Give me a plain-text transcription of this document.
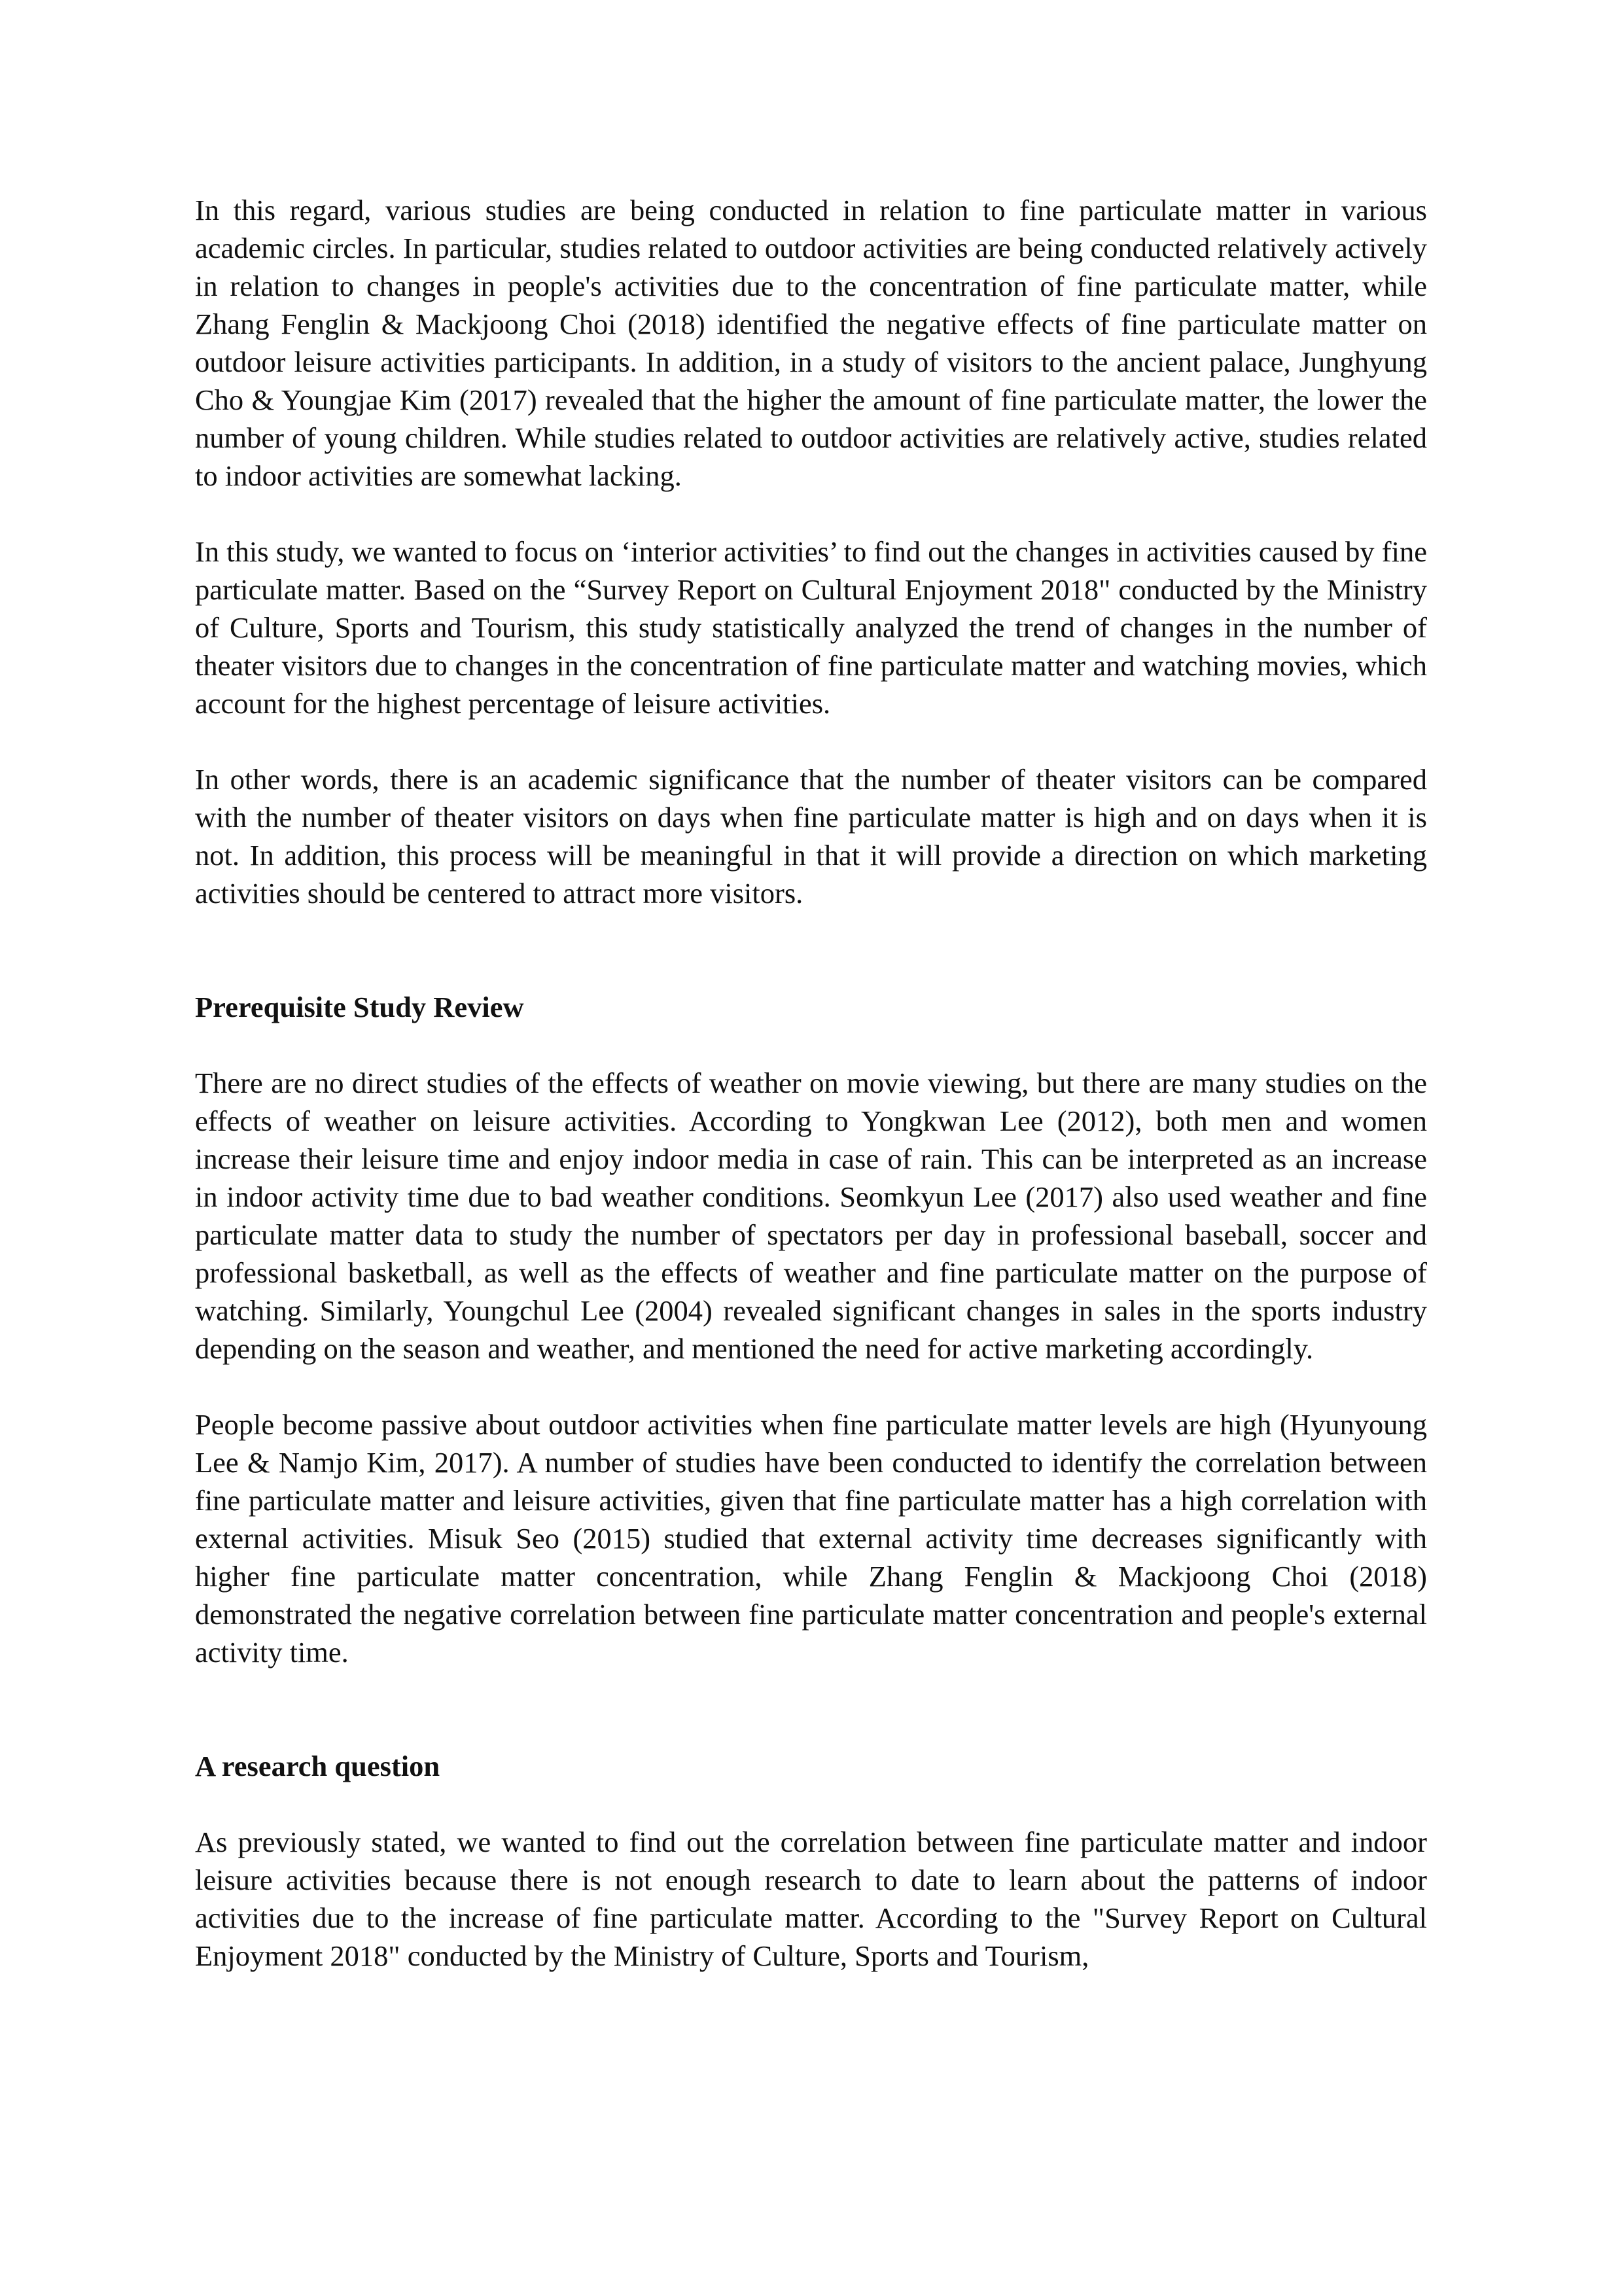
In this regard, various studies are being conducted in relation to fine particulate matter in various academic circles. In particular, studies related to outdoor activities are being conducted relatively actively in relation to changes in people's activities due to the concentration of fine particulate matter, while Zhang Fenglin & Mackjoong Choi (2018) identified the negative effects of fine particulate matter on outdoor leisure activities participants. In addition, in a study of visitors to the ancient palace, Junghyung Cho & Youngjae Kim (2017) revealed that the higher the amount of fine particulate matter, the lower the number of young children. While studies related to outdoor activities are relatively active, studies related to indoor activities are somewhat lacking.

In this study, we wanted to focus on ‘interior activities’ to find out the changes in activities caused by fine particulate matter. Based on the “Survey Report on Cultural Enjoyment 2018" conducted by the Ministry of Culture, Sports and Tourism, this study statistically analyzed the trend of changes in the number of theater visitors due to changes in the concentration of fine particulate matter and watching movies, which account for the highest percentage of leisure activities.

In other words, there is an academic significance that the number of theater visitors can be compared with the number of theater visitors on days when fine particulate matter is high and on days when it is not. In addition, this process will be meaningful in that it will provide a direction on which marketing activities should be centered to attract more visitors.

Prerequisite Study Review

There are no direct studies of the effects of weather on movie viewing, but there are many studies on the effects of weather on leisure activities. According to Yongkwan Lee (2012), both men and women increase their leisure time and enjoy indoor media in case of rain. This can be interpreted as an increase in indoor activity time due to bad weather conditions. Seomkyun Lee (2017) also used weather and fine particulate matter data to study the number of spectators per day in professional baseball, soccer and professional basketball, as well as the effects of weather and fine particulate matter on the purpose of watching. Similarly, Youngchul Lee (2004) revealed significant changes in sales in the sports industry depending on the season and weather, and mentioned the need for active marketing accordingly.

People become passive about outdoor activities when fine particulate matter levels are high (Hyunyoung Lee & Namjo Kim, 2017). A number of studies have been conducted to identify the correlation between fine particulate matter and leisure activities, given that fine particulate matter has a high correlation with external activities. Misuk Seo (2015) studied that external activity time decreases significantly with higher fine particulate matter concentration, while Zhang Fenglin & Mackjoong Choi (2018) demonstrated the negative correlation between fine particulate matter concentration and people's external activity time.

A research question

As previously stated, we wanted to find out the correlation between fine particulate matter and indoor leisure activities because there is not enough research to date to learn about the patterns of indoor activities due to the increase of fine particulate matter. According to the "Survey Report on Cultural Enjoyment 2018" conducted by the Ministry of Culture, Sports and Tourism,
